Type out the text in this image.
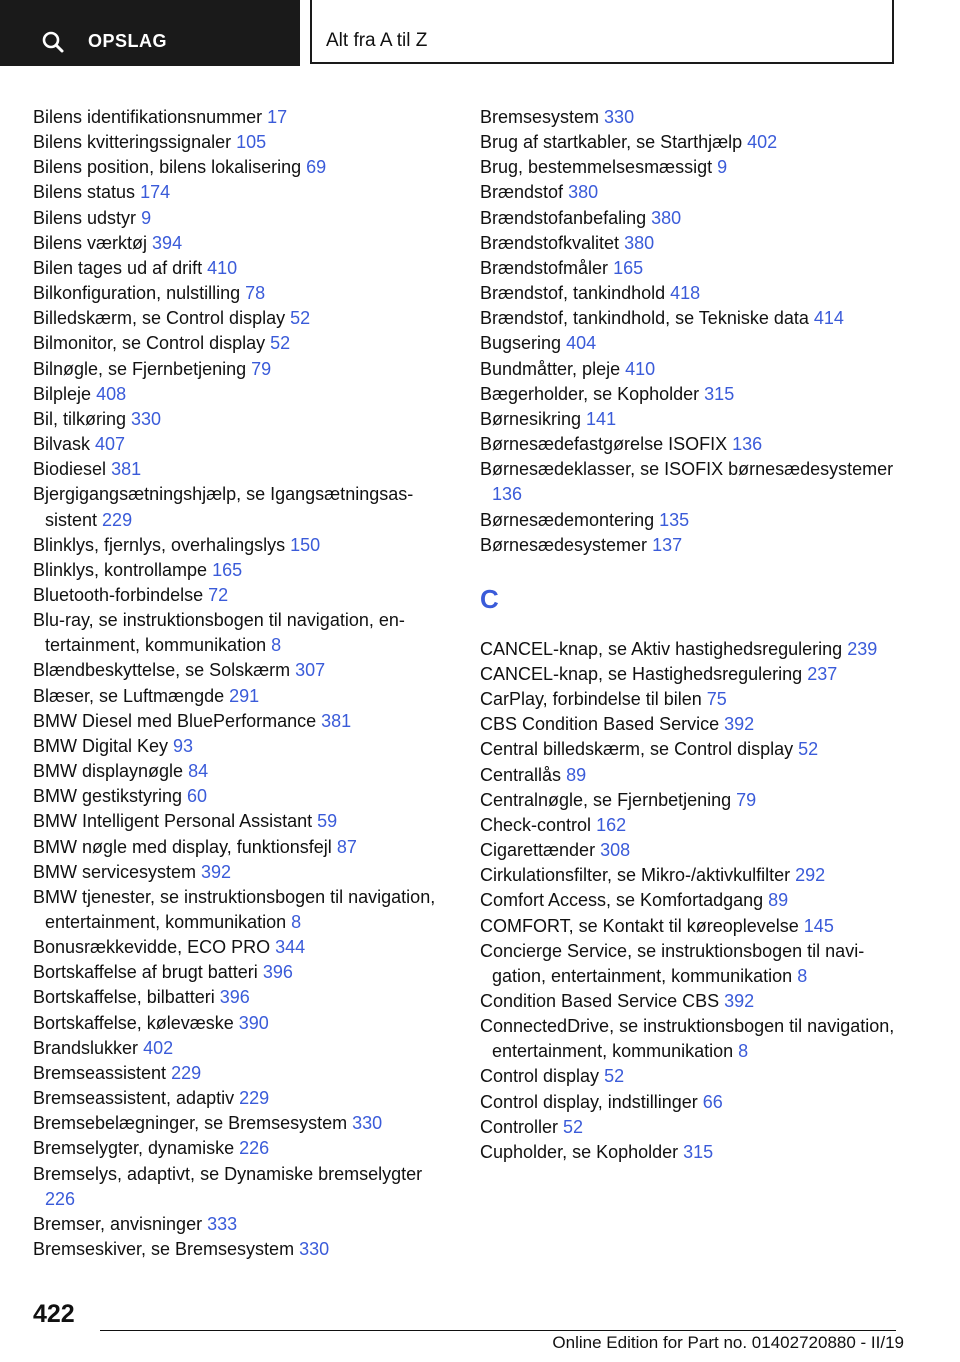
OPSLAG	Alt fra A til Z
Bilens identifikationsnummer 17
Bilens kvitteringssignaler 105
Bilens position, bilens lokalisering 69
Bilens status 174
Bilens udstyr 9
Bilens værktøj 394
Bilen tages ud af drift 410
Bilkonfiguration, nulstilling 78
Billedskærm, se Control display 52
Bilmonitor, se Control display 52
Bilnøgle, se Fjernbetjening 79
Bilpleje 408
Bil, tilkøring 330
Bilvask 407
Biodiesel 381
Bjergigangsætningshjælp, se Igangsætningsassistent 229
Blinklys, fjernlys, overhalingslys 150
Blinklys, kontrollampe 165
Bluetooth-forbindelse 72
Blu-ray, se instruktionsbogen til navigation, entertainment, kommunikation 8
Blændbeskyttelse, se Solskærm 307
Blæser, se Luftmængde 291
BMW Diesel med BluePerformance 381
BMW Digital Key 93
BMW displaynøgle 84
BMW gestikstyring 60
BMW Intelligent Personal Assistant 59
BMW nøgle med display, funktionsfejl 87
BMW servicesystem 392
BMW tjenester, se instruktionsbogen til navigation, entertainment, kommunikation 8
Bonusrækkevidde, ECO PRO 344
Bortskaffelse af brugt batteri 396
Bortskaffelse, bilbatteri 396
Bortskaffelse, kølevæske 390
Brandslukker 402
Bremseassistent 229
Bremseassistent, adaptiv 229
Bremsebelægninger, se Bremsesystem 330
Bremselygter, dynamiske 226
Bremselys, adaptivt, se Dynamiske bremselygter 226
Bremser, anvisninger 333
Bremseskiver, se Bremsesystem 330
Bremsesystem 330
Brug af startkabler, se Starthjælp 402
Brug, bestemmelsesmæssigt 9
Brændstof 380
Brændstofanbefaling 380
Brændstofkvalitet 380
Brændstofmåler 165
Brændstof, tankindhold 418
Brændstof, tankindhold, se Tekniske data 414
Bugsering 404
Bundmåtter, pleje 410
Bægerholder, se Kopholder 315
Børnesikring 141
Børnesædefastgørelse ISOFIX 136
Børnesædeklasser, se ISOFIX børnesædesystemer 136
Børnesædemontering 135
Børnesædesystemer 137
C
CANCEL-knap, se Aktiv hastighedsregulering 239
CANCEL-knap, se Hastighedsregulering 237
CarPlay, forbindelse til bilen 75
CBS Condition Based Service 392
Central billedskærm, se Control display 52
Centrallås 89
Centralnøgle, se Fjernbetjening 79
Check-control 162
Cigarettænder 308
Cirkulationsfilter, se Mikro-/aktivkulfilter 292
Comfort Access, se Komfortadgang 89
COMFORT, se Kontakt til køreoplevelse 145
Concierge Service, se instruktionsbogen til navigation, entertainment, kommunikation 8
Condition Based Service CBS 392
ConnectedDrive, se instruktionsbogen til navigation, entertainment, kommunikation 8
Control display 52
Control display, indstillinger 66
Controller 52
Cupholder, se Kopholder 315
422
Online Edition for Part no. 01402720880 - II/19
